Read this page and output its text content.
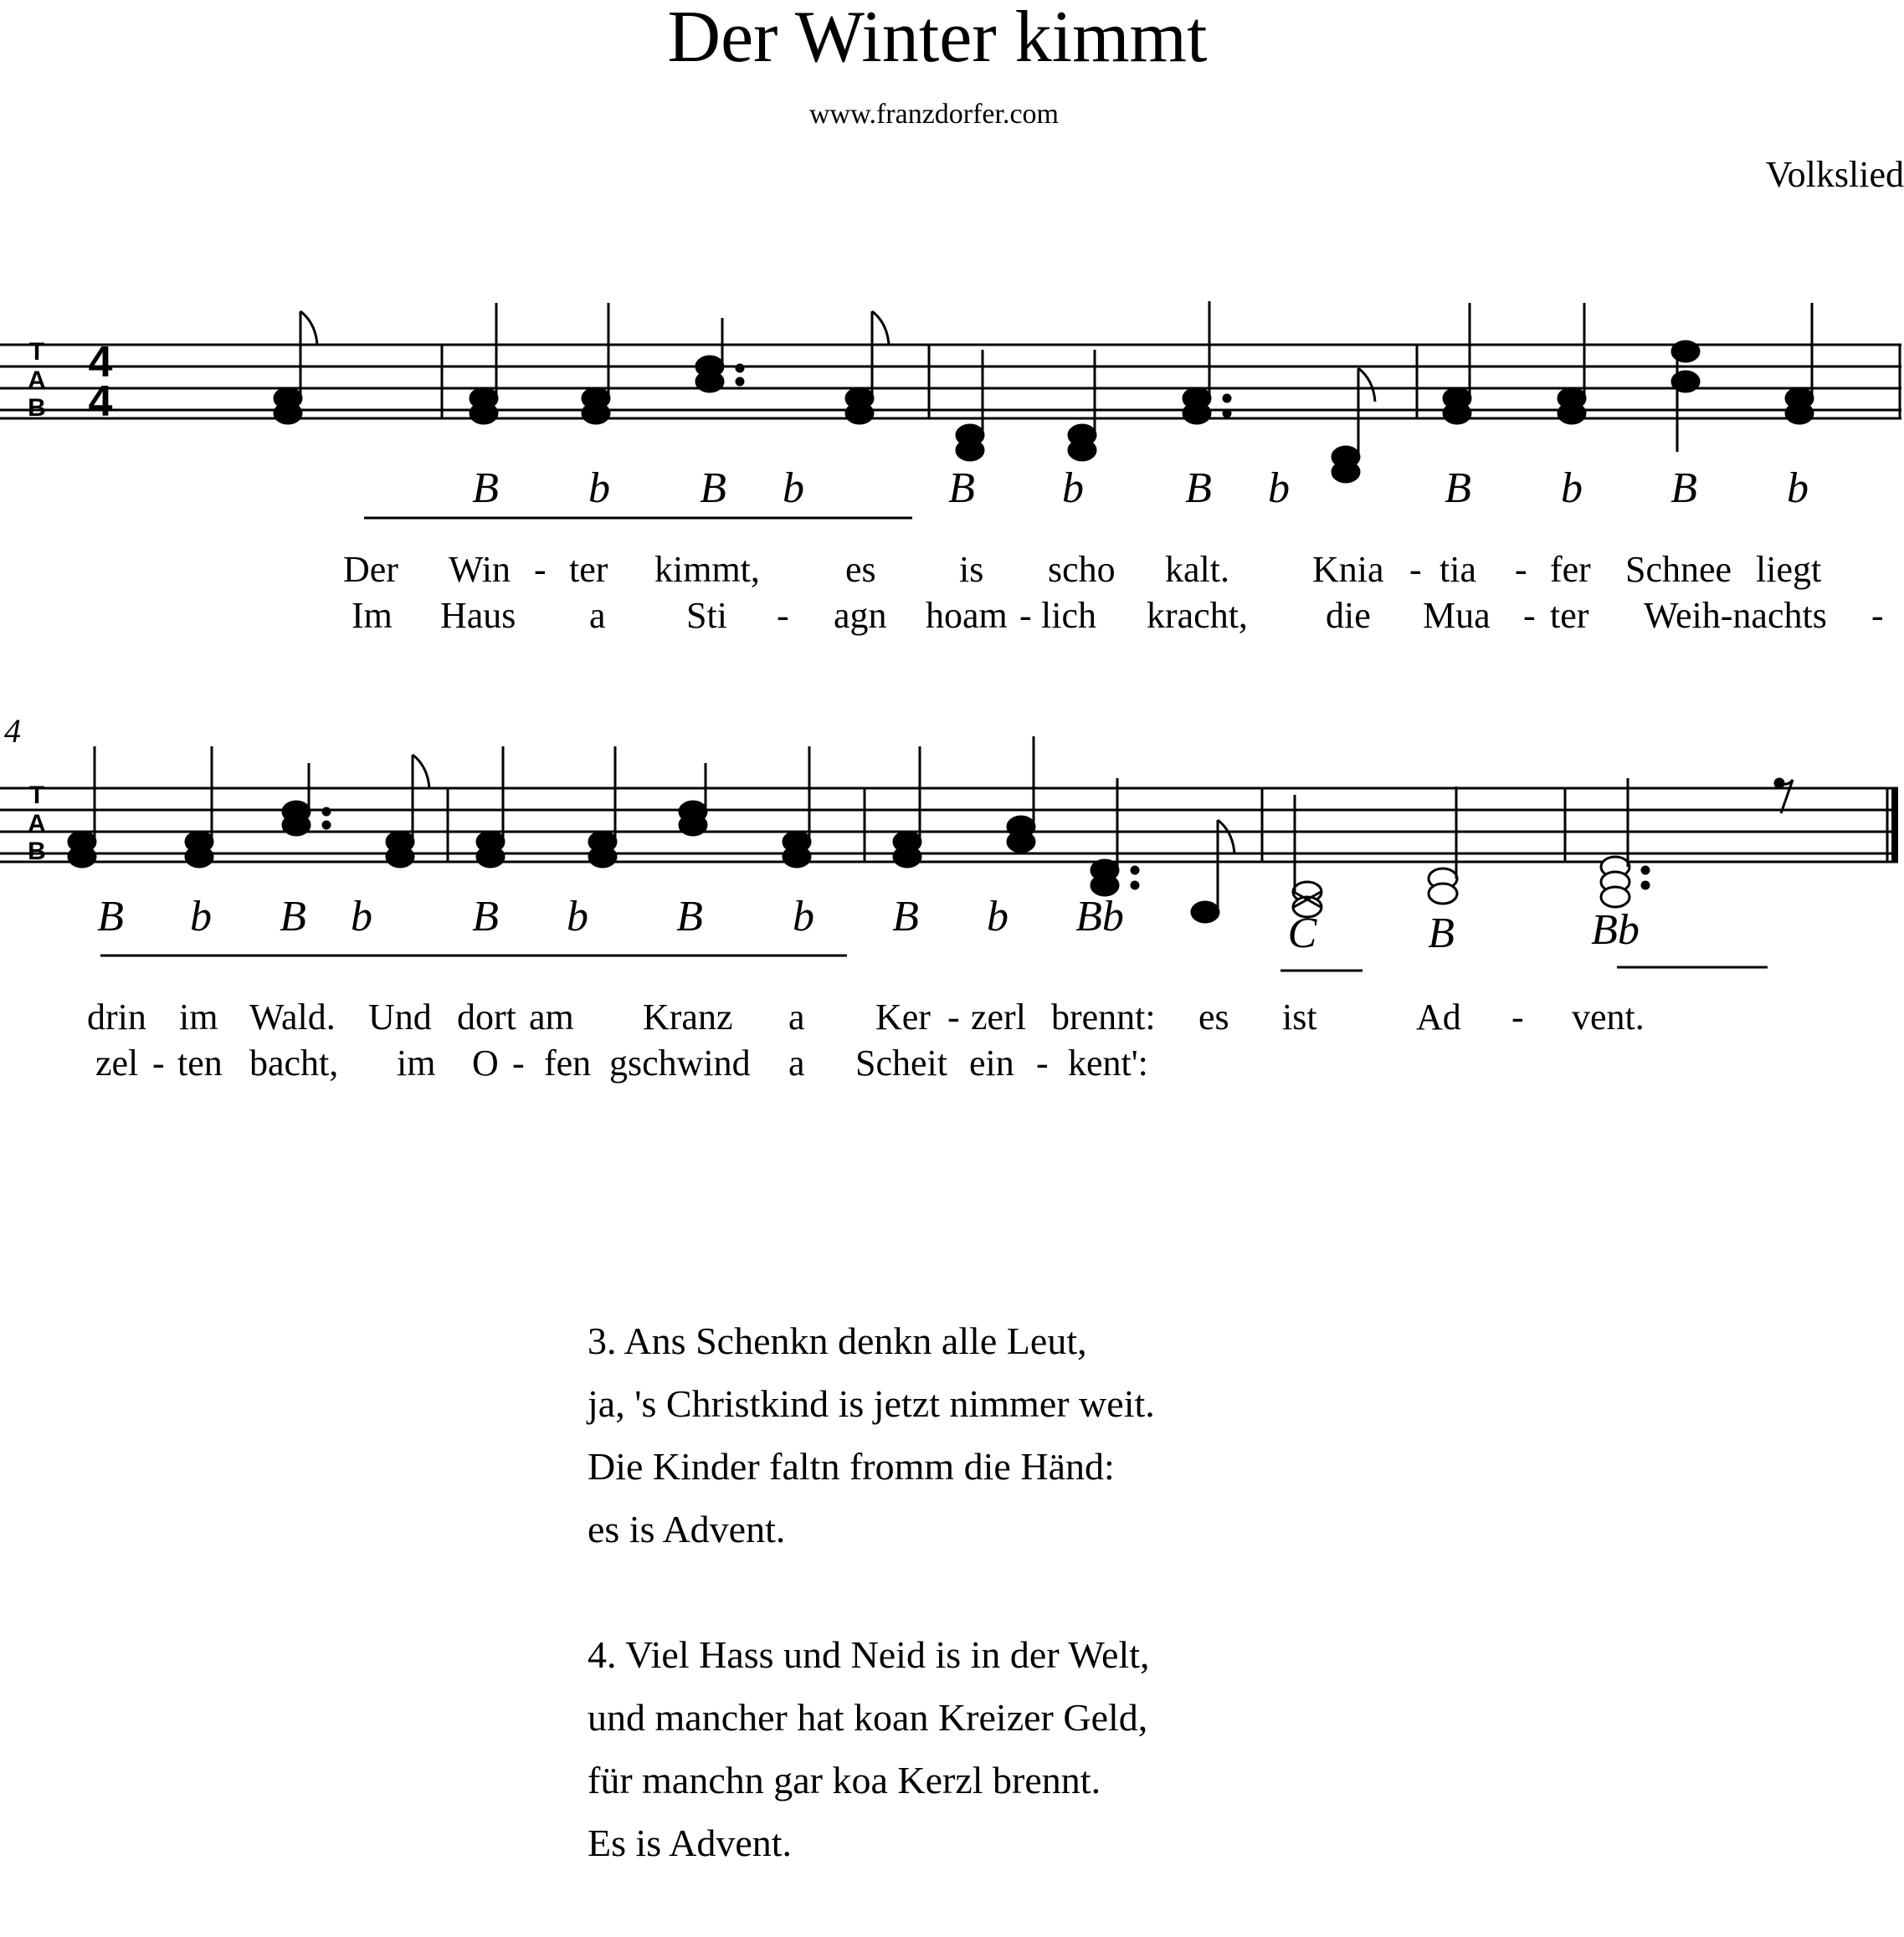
Der Winter kimmt
www.franzdorfer.com
Volkslied
4
T
A
B
4
4
B b B b	B b B b	B b B b
Der Win - ter kimmt, es is scho kalt. Knia - tia - fer Schnee liegt
Im Haus a Sti - agn hoam - lich kracht, die Mua - ter Weih-nachts -
T
A
B
B b B b B b B b B b Bb	C	B	Bb
drin im Wald. Und dort am Kranz a Ker - zerl brennt: es ist	Ad - vent.
zel - ten bacht, im O - fen gschwind a Scheit ein - kent':
3. Ans Schenkn denkn alle Leut,
ja, 's Christkind is jetzt nimmer weit.
Die Kinder faltn fromm die Händ:
es is Advent.
4. Viel Hass und Neid is in der Welt,
und mancher hat koan Kreizer Geld,
für manchn gar koa Kerzl brennt.
Es is Advent.
